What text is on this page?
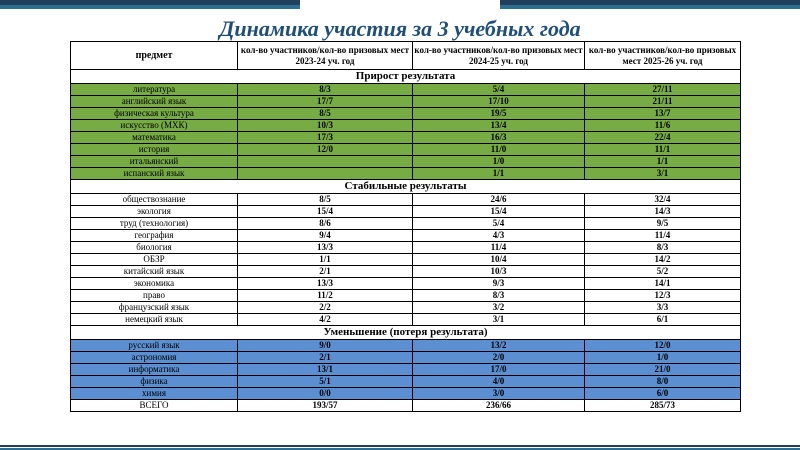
Динамика участия за 3 учебных года
предмет	кол-во участников/кол-во призовых мест 2023-24 уч. год	кол-во участников/кол-во призовых мест 2024-25 уч. год	кол-во участников/кол-во призовых мест 2025-26 уч. год
Прирост результата			
литература	8/3	5/4	27/11
английский язык	17/7	17/10	21/11
физическая культура	8/5	19/5	13/7
искусство (МХК)	10/3	13/4	11/6
математика	17/3	16/3	22/4
история	12/0	11/0	11/1
итальянский		1/0	1/1
испанский язык		1/1	3/1
Стабильные результаты			
обществознание	8/5	24/6	32/4
экология	15/4	15/4	14/3
труд (технология)	8/6	5/4	9/5
география	9/4	4/3	11/4
биология	13/3	11/4	8/3
ОБЗР	1/1	10/4	14/2
китайский язык	2/1	10/3	5/2
экономика	13/3	9/3	14/1
право	11/2	8/3	12/3
французский язык	2/2	3/2	3/3
немецкий язык	4/2	3/1	6/1
Уменьшение (потеря результата)			
русский язык	9/0	13/2	12/0
астрономия	2/1	2/0	1/0
информатика	13/1	17/0	21/0
физика	5/1	4/0	8/0
химия	0/0	3/0	6/0
ВСЕГО	193/57	236/66	285/73
